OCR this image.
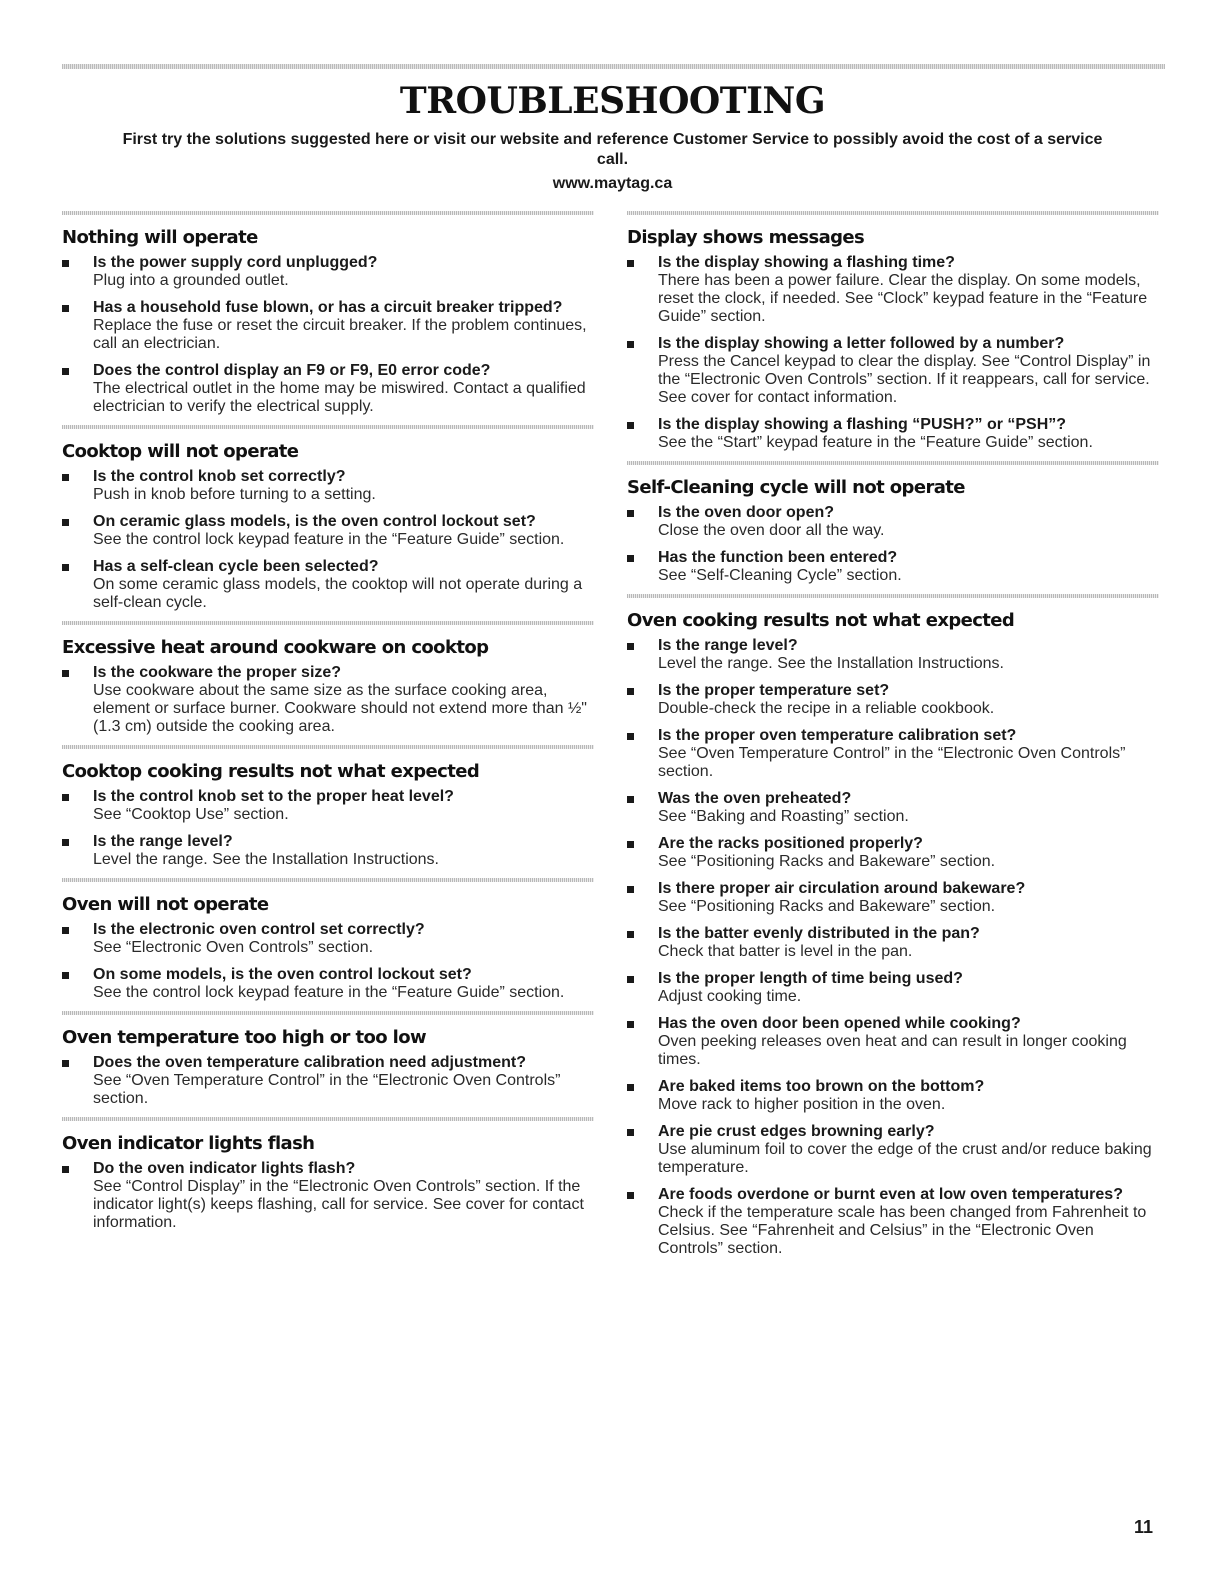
TROUBLESHOOTING

First try the solutions suggested here or visit our website and reference Customer Service to possibly avoid the cost of a service call.

www.maytag.ca

Nothing will operate
Is the power supply cord unplugged?
Plug into a grounded outlet.
Has a household fuse blown, or has a circuit breaker tripped?
Replace the fuse or reset the circuit breaker. If the problem continues, call an electrician.
Does the control display an F9 or F9, E0 error code?
The electrical outlet in the home may be miswired. Contact a qualified electrician to verify the electrical supply.
Cooktop will not operate
Is the control knob set correctly?
Push in knob before turning to a setting.
On ceramic glass models, is the oven control lockout set?
See the control lock keypad feature in the “Feature Guide” section.
Has a self-clean cycle been selected?
On some ceramic glass models, the cooktop will not operate during a self-clean cycle.
Excessive heat around cookware on cooktop
Is the cookware the proper size?
Use cookware about the same size as the surface cooking area, element or surface burner. Cookware should not extend more than ½" (1.3 cm) outside the cooking area.
Cooktop cooking results not what expected
Is the control knob set to the proper heat level?
See “Cooktop Use” section.
Is the range level?
Level the range. See the Installation Instructions.
Oven will not operate
Is the electronic oven control set correctly?
See “Electronic Oven Controls” section.
On some models, is the oven control lockout set?
See the control lock keypad feature in the “Feature Guide” section.
Oven temperature too high or too low
Does the oven temperature calibration need adjustment?
See “Oven Temperature Control” in the “Electronic Oven Controls” section.
Oven indicator lights flash
Do the oven indicator lights flash?
See “Control Display” in the “Electronic Oven Controls” section. If the indicator light(s) keeps flashing, call for service. See cover for contact information.
Display shows messages
Is the display showing a flashing time?
There has been a power failure. Clear the display. On some models, reset the clock, if needed. See “Clock” keypad feature in the “Feature Guide” section.
Is the display showing a letter followed by a number?
Press the Cancel keypad to clear the display. See “Control Display” in the “Electronic Oven Controls” section. If it reappears, call for service. See cover for contact information.
Is the display showing a flashing “PUSH?” or “PSH”?
See the “Start” keypad feature in the “Feature Guide” section.
Self-Cleaning cycle will not operate
Is the oven door open?
Close the oven door all the way.
Has the function been entered?
See “Self-Cleaning Cycle” section.
Oven cooking results not what expected
Is the range level?
Level the range. See the Installation Instructions.
Is the proper temperature set?
Double-check the recipe in a reliable cookbook.
Is the proper oven temperature calibration set?
See “Oven Temperature Control” in the “Electronic Oven Controls” section.
Was the oven preheated?
See “Baking and Roasting” section.
Are the racks positioned properly?
See “Positioning Racks and Bakeware” section.
Is there proper air circulation around bakeware?
See “Positioning Racks and Bakeware” section.
Is the batter evenly distributed in the pan?
Check that batter is level in the pan.
Is the proper length of time being used?
Adjust cooking time.
Has the oven door been opened while cooking?
Oven peeking releases oven heat and can result in longer cooking times.
Are baked items too brown on the bottom?
Move rack to higher position in the oven.
Are pie crust edges browning early?
Use aluminum foil to cover the edge of the crust and/or reduce baking temperature.
Are foods overdone or burnt even at low oven temperatures?
Check if the temperature scale has been changed from Fahrenheit to Celsius. See “Fahrenheit and Celsius” in the “Electronic Oven Controls” section.
11
